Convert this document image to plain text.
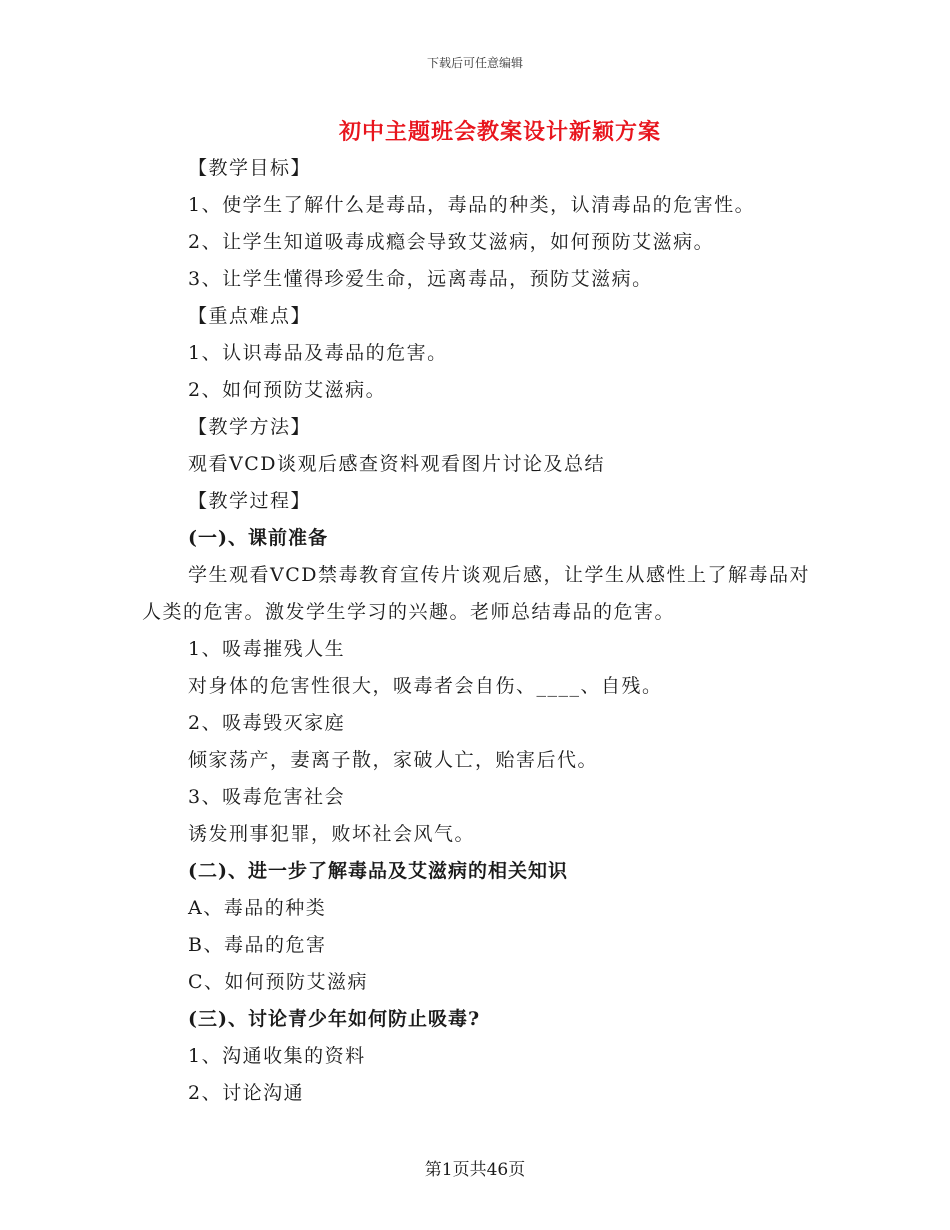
下载后可任意编辑
初中主题班会教案设计新颖方案
【教学目标】
1、使学生了解什么是毒品，毒品的种类，认清毒品的危害性。
2、让学生知道吸毒成瘾会导致艾滋病，如何预防艾滋病。
3、让学生懂得珍爱生命，远离毒品，预防艾滋病。
【重点难点】
1、认识毒品及毒品的危害。
2、如何预防艾滋病。
【教学方法】
观看VCD谈观后感查资料观看图片讨论及总结
【教学过程】
(一)、课前准备
学生观看VCD禁毒教育宣传片谈观后感，让学生从感性上了解毒品对人类的危害。激发学生学习的兴趣。老师总结毒品的危害。
1、吸毒摧残人生
对身体的危害性很大，吸毒者会自伤、____、自残。
2、吸毒毁灭家庭
倾家荡产，妻离子散，家破人亡，贻害后代。
3、吸毒危害社会
诱发刑事犯罪，败坏社会风气。
(二)、进一步了解毒品及艾滋病的相关知识
A、毒品的种类
B、毒品的危害
C、如何预防艾滋病
(三)、讨论青少年如何防止吸毒?
1、沟通收集的资料
2、讨论沟通
第1页共46页
